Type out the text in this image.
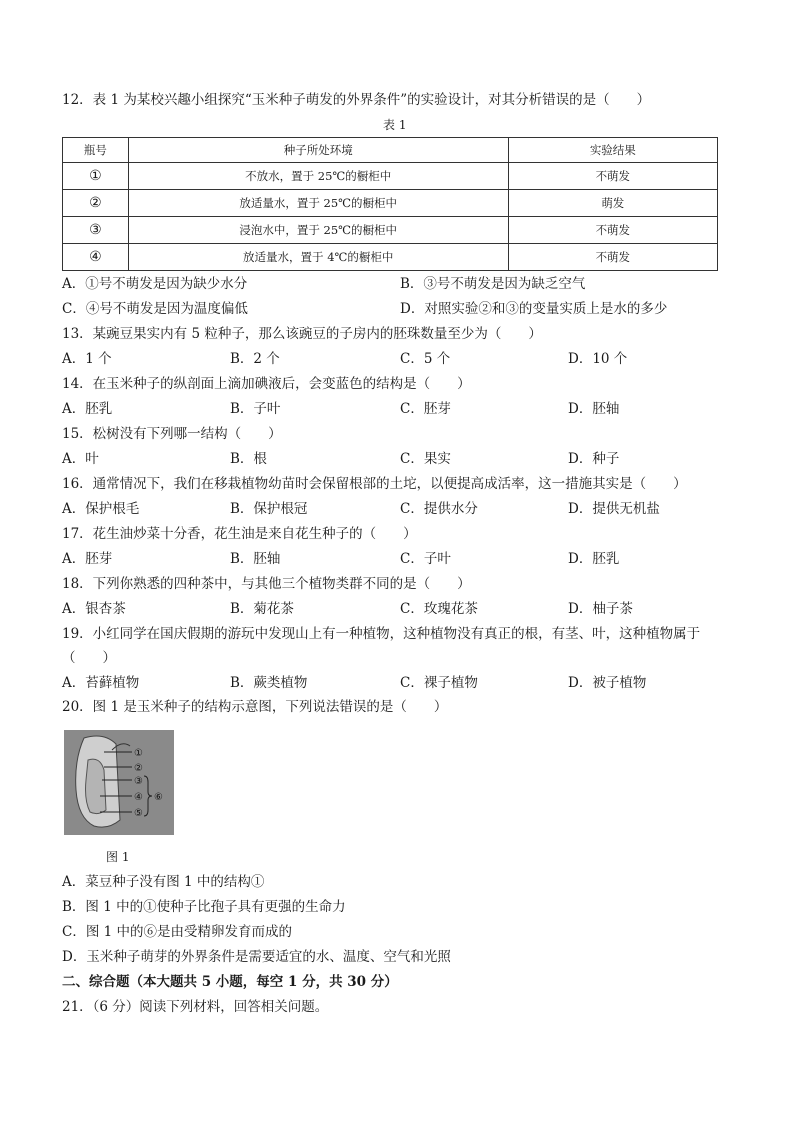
12．表 1 为某校兴趣小组探究“玉米种子萌发的外界条件”的实验设计，对其分析错误的是（　　）
表 1
瓶号	种子所处环境	实验结果
①	不放水，置于 25℃的橱柜中	不萌发
②	放适量水，置于 25℃的橱柜中	萌发
③	浸泡水中，置于 25℃的橱柜中	不萌发
④	放适量水，置于 4℃的橱柜中	不萌发
A．①号不萌发是因为缺少水分	B．③号不萌发是因为缺乏空气
C．④号不萌发是因为温度偏低	D．对照实验②和③的变量实质上是水的多少
13．某豌豆果实内有 5 粒种子，那么该豌豆的子房内的胚珠数量至少为（　　）
A．1 个	B．2 个	C．5 个	D．10 个
14．在玉米种子的纵剖面上滴加碘液后，会变蓝色的结构是（　　）
A．胚乳	B．子叶	C．胚芽	D．胚轴
15．松树没有下列哪一结构（　　）
A．叶	B．根	C．果实	D．种子
16．通常情况下，我们在移栽植物幼苗时会保留根部的土坨，以便提高成活率，这一措施其实是（　　）
A．保护根毛	B．保护根冠	C．提供水分	D．提供无机盐
17．花生油炒菜十分香，花生油是来自花生种子的（　　）
A．胚芽	B．胚轴	C．子叶	D．胚乳
18．下列你熟悉的四种茶中，与其他三个植物类群不同的是（　　）
A．银杏茶	B．菊花茶	C．玫瑰花茶	D．柚子茶
19．小红同学在国庆假期的游玩中发现山上有一种植物，这种植物没有真正的根，有茎、叶，这种植物属于
（　　）
A．苔藓植物	B．蕨类植物	C．裸子植物	D．被子植物
20．图 1 是玉米种子的结构示意图，下列说法错误的是（　　）
①
②
③
④
⑤
⑥
图 1
A．菜豆种子没有图 1 中的结构①
B．图 1 中的①使种子比孢子具有更强的生命力
C．图 1 中的⑥是由受精卵发育而成的
D．玉米种子萌芽的外界条件是需要适宜的水、温度、空气和光照
二、综合题（本大题共 5 小题，每空 1 分，共 30 分）
21．（6 分）阅读下列材料，回答相关问题。
